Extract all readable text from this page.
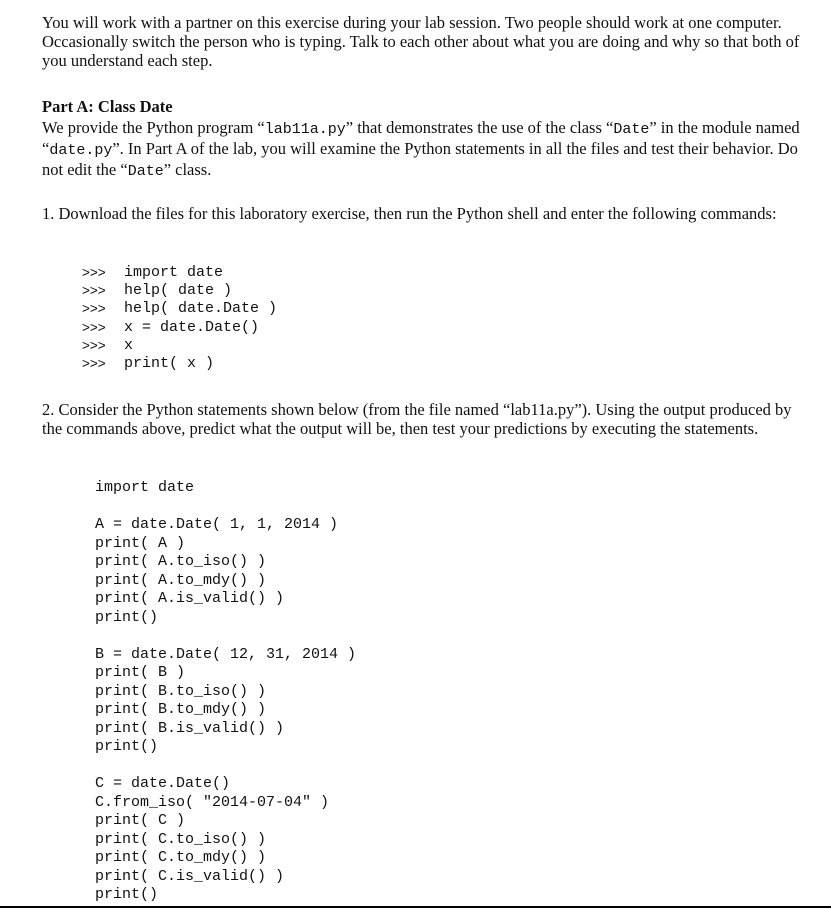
You will work with a partner on this exercise during your lab session. Two people should work at one computer. Occasionally switch the person who is typing. Talk to each other about what you are doing and why so that both of you understand each step.

Part A: Class Date

We provide the Python program “lab11a.py” that demonstrates the use of the class “Date” in the module named “date.py”. In Part A of the lab, you will examine the Python statements in all the files and test their behavior. Do not edit the “Date” class.

1. Download the files for this laboratory exercise, then run the Python shell and enter the following commands:

>>>	import date
>>>	help( date )
>>>	help( date.Date )
>>>	x = date.Date()
>>>	x
>>>	print( x )

2. Consider the Python statements shown below (from the file named “lab11a.py”). Using the output produced by the commands above, predict what the output will be, then test your predictions by executing the statements.

import date
A = date.Date( 1, 1, 2014 )
print( A )
print( A.to_iso() )
print( A.to_mdy() )
print( A.is_valid() )
print()
B = date.Date( 12, 31, 2014 )
print( B )
print( B.to_iso() )
print( B.to_mdy() )
print( B.is_valid() )
print()
C = date.Date()
C.from_iso( "2014-07-04" )
print( C )
print( C.to_iso() )
print( C.to_mdy() )
print( C.is_valid() )
print()
